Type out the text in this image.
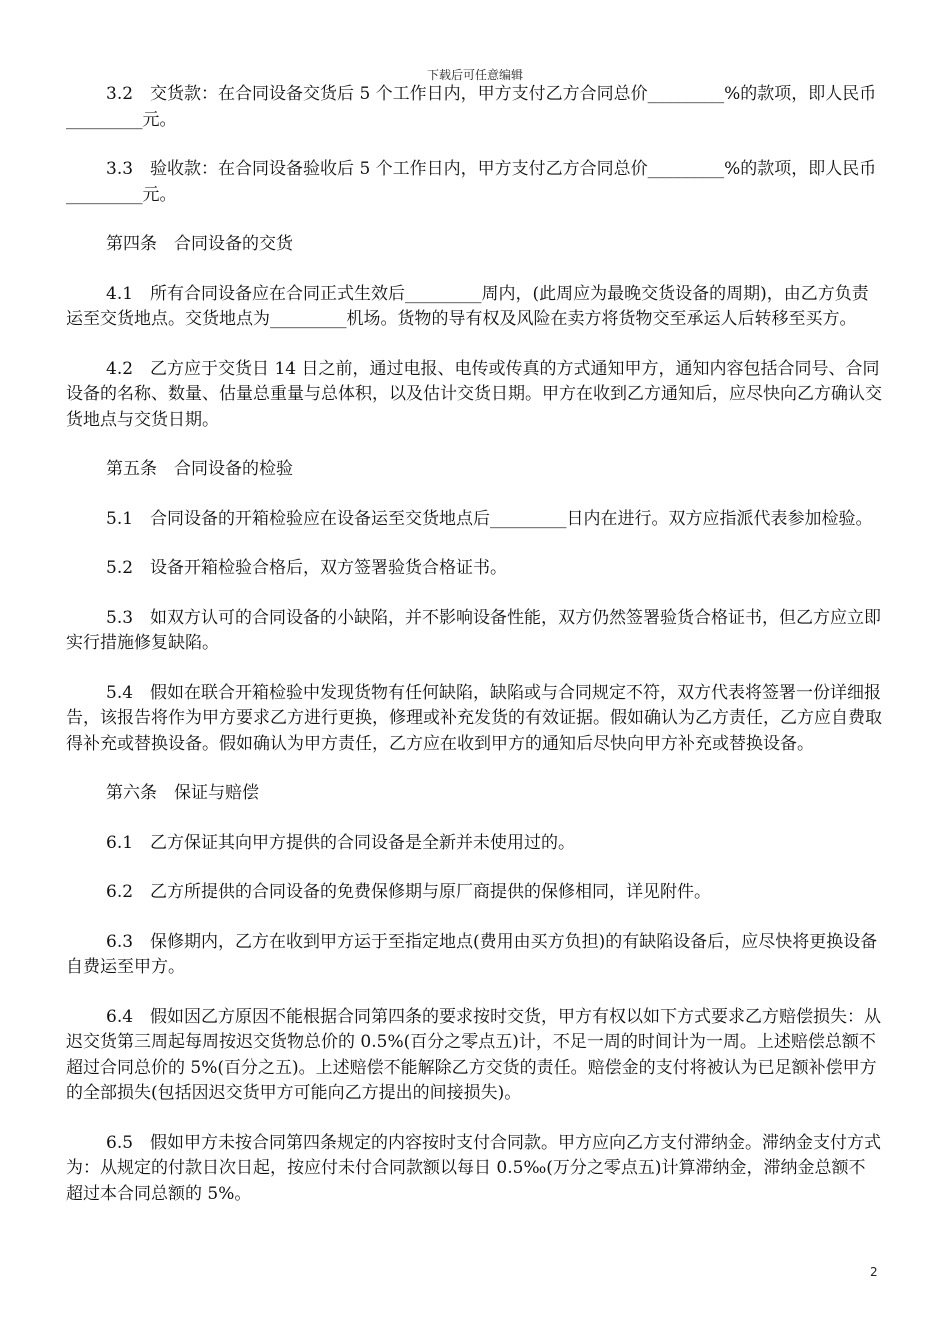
下载后可任意编辑
3.2　交货款：在合同设备交货后 5 个工作日内，甲方支付乙方合同总价_________%的款项，即人民币_________元。
3.3　验收款：在合同设备验收后 5 个工作日内，甲方支付乙方合同总价_________%的款项，即人民币_________元。
第四条　合同设备的交货
4.1　所有合同设备应在合同正式生效后_________周内，(此周应为最晚交货设备的周期)，由乙方负责运至交货地点。交货地点为_________机场。货物的导有权及风险在卖方将货物交至承运人后转移至买方。
4.2　乙方应于交货日 14 日之前，通过电报、电传或传真的方式通知甲方，通知内容包括合同号、合同设备的名称、数量、估量总重量与总体积，以及估计交货日期。甲方在收到乙方通知后，应尽快向乙方确认交货地点与交货日期。
第五条　合同设备的检验
5.1　合同设备的开箱检验应在设备运至交货地点后_________日内在进行。双方应指派代表参加检验。
5.2　设备开箱检验合格后，双方签署验货合格证书。
5.3　如双方认可的合同设备的小缺陷，并不影响设备性能，双方仍然签署验货合格证书，但乙方应立即实行措施修复缺陷。
5.4　假如在联合开箱检验中发现货物有任何缺陷，缺陷或与合同规定不符，双方代表将签署一份详细报告，该报告将作为甲方要求乙方进行更换，修理或补充发货的有效证据。假如确认为乙方责任，乙方应自费取得补充或替换设备。假如确认为甲方责任，乙方应在收到甲方的通知后尽快向甲方补充或替换设备。
第六条　保证与赔偿
6.1　乙方保证其向甲方提供的合同设备是全新并未使用过的。
6.2　乙方所提供的合同设备的免费保修期与原厂商提供的保修相同，详见附件。
6.3　保修期内，乙方在收到甲方运于至指定地点(费用由买方负担)的有缺陷设备后，应尽快将更换设备自费运至甲方。
6.4　假如因乙方原因不能根据合同第四条的要求按时交货，甲方有权以如下方式要求乙方赔偿损失：从迟交货第三周起每周按迟交货物总价的 0.5%(百分之零点五)计，不足一周的时间计为一周。上述赔偿总额不超过合同总价的 5%(百分之五)。上述赔偿不能解除乙方交货的责任。赔偿金的支付将被认为已足额补偿甲方的全部损失(包括因迟交货甲方可能向乙方提出的间接损失)。
6.5　假如甲方未按合同第四条规定的内容按时支付合同款。甲方应向乙方支付滞纳金。滞纳金支付方式为：从规定的付款日次日起，按应付未付合同款额以每日 0.5‰(万分之零点五)计算滞纳金，滞纳金总额不超过本合同总额的 5%。
2
